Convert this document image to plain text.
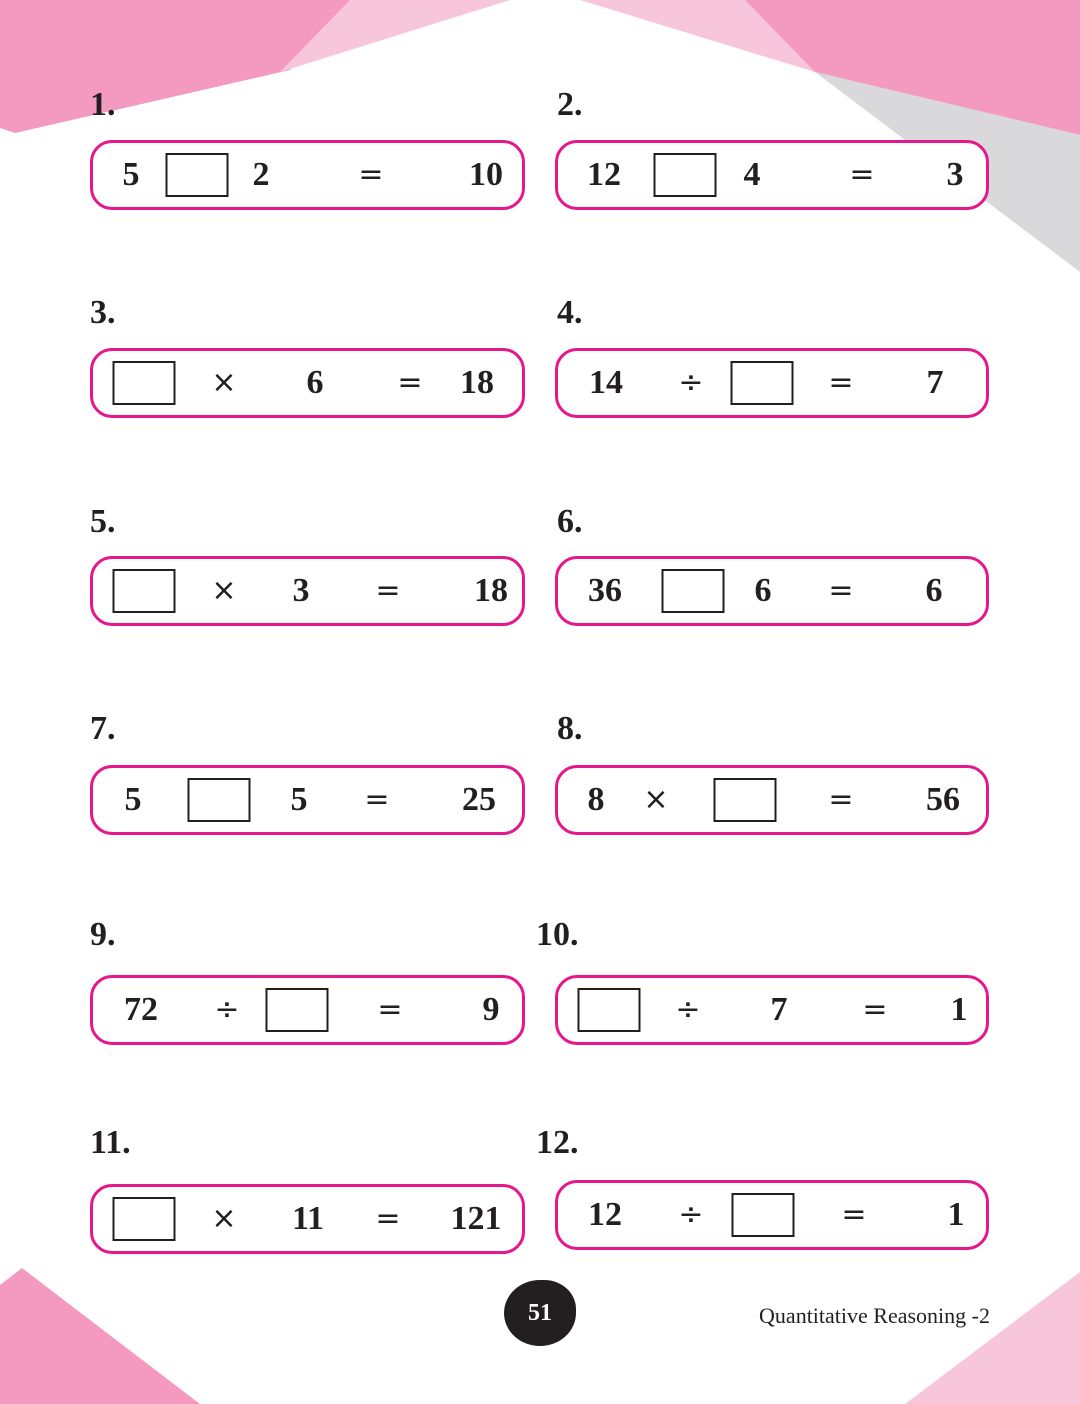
1.
5	2	=	10
2.
12	4	= 3
3.
× 6 = 18
4.
14 ÷	= 7
5.
× 3 = 18
6.
36	6 = 6
7.
5	5 = 25
8.
8 ×	= 56
9.
72 ÷	= 9
10.
÷ 7 = 1
11.
× 11 = 121
12.
12 ÷	= 1
51	Quantitative Reasoning -2
